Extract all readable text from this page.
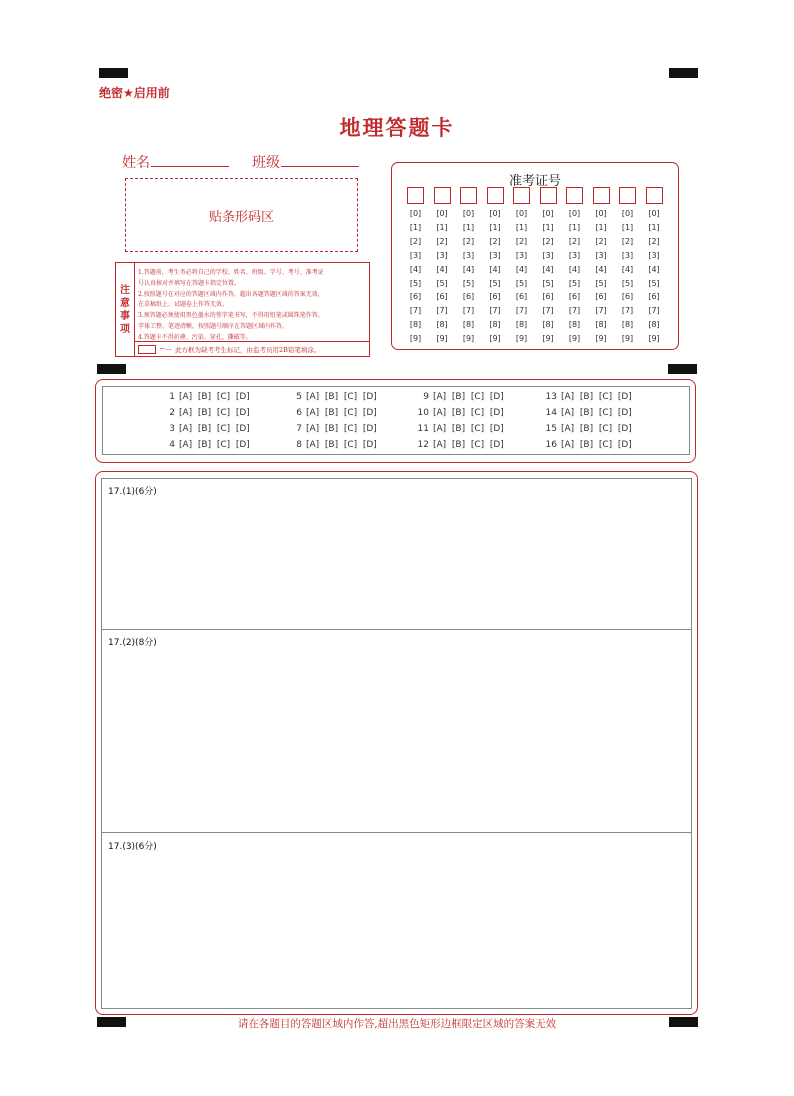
绝密★启用前
地理答题卡
姓名	班级
贴条形码区
注
意
事
项
1.答题前，考生务必将自己的学校、姓名、班级、学号、考号、准考证
号认真核对并填写在答题卡指定位置。
2.按照题号在对应的答题区域内作答，超出各题答题区域的答案无效，
在草稿纸上、试题卷上作答无效。
3.须答题必须使用黑色墨水的签字笔书写，不得用铅笔或圆珠笔作答，
字体工整、笔迹清晰，按照题号顺序在答题区域内作答。
4.答题卡不得折叠、污染、穿孔、撕破等。
←— 此方框为缺考考生标记，由监考员用2B铅笔填涂。
准考证号
[0]
[1]
[2]
[3]
[4]
[5]
[6]
[7]
[8]
[9]
[0]
[1]
[2]
[3]
[4]
[5]
[6]
[7]
[8]
[9]
[0]
[1]
[2]
[3]
[4]
[5]
[6]
[7]
[8]
[9]
[0]
[1]
[2]
[3]
[4]
[5]
[6]
[7]
[8]
[9]
[0]
[1]
[2]
[3]
[4]
[5]
[6]
[7]
[8]
[9]
[0]
[1]
[2]
[3]
[4]
[5]
[6]
[7]
[8]
[9]
[0]
[1]
[2]
[3]
[4]
[5]
[6]
[7]
[8]
[9]
[0]
[1]
[2]
[3]
[4]
[5]
[6]
[7]
[8]
[9]
[0]
[1]
[2]
[3]
[4]
[5]
[6]
[7]
[8]
[9]
[0]
[1]
[2]
[3]
[4]
[5]
[6]
[7]
[8]
[9]
1 [A]  [B]  [C]  [D]
2 [A]  [B]  [C]  [D]
3 [A]  [B]  [C]  [D]
4 [A]  [B]  [C]  [D]
5 [A]  [B]  [C]  [D]
6 [A]  [B]  [C]  [D]
7 [A]  [B]  [C]  [D]
8 [A]  [B]  [C]  [D]
9 [A]  [B]  [C]  [D]
10 [A]  [B]  [C]  [D]
11 [A]  [B]  [C]  [D]
12 [A]  [B]  [C]  [D]
13 [A]  [B]  [C]  [D]
14 [A]  [B]  [C]  [D]
15 [A]  [B]  [C]  [D]
16 [A]  [B]  [C]  [D]
17.(1)(6分)
17.(2)(8分)
17.(3)(6分)
请在各题目的答题区域内作答,超出黑色矩形边框限定区域的答案无效
